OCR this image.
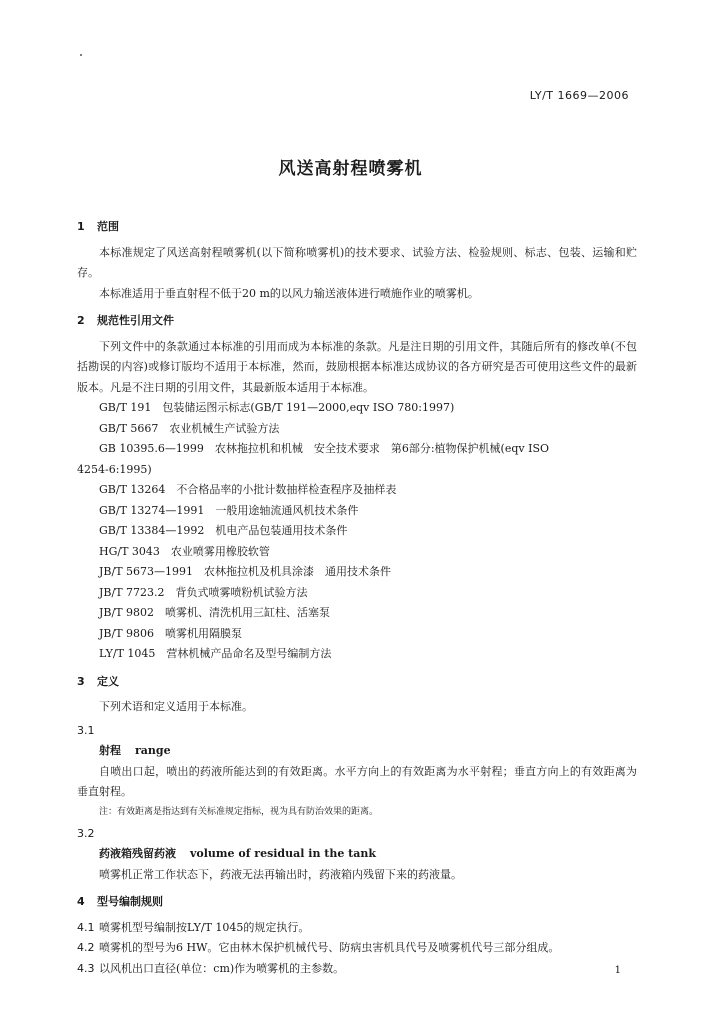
LY/T 1669—2006
风送高射程喷雾机
1 范围
本标准规定了风送高射程喷雾机(以下简称喷雾机)的技术要求、试验方法、检验规则、标志、包装、运输和贮存。
本标准适用于垂直射程不低于20 m的以风力输送液体进行喷施作业的喷雾机。
2 规范性引用文件
下列文件中的条款通过本标准的引用而成为本标准的条款。凡是注日期的引用文件，其随后所有的修改单(不包括勘误的内容)或修订版均不适用于本标准，然而，鼓励根据本标准达成协议的各方研究是否可使用这些文件的最新版本。凡是不注日期的引用文件，其最新版本适用于本标准。
GB/T 191　包装储运图示标志(GB/T 191—2000,eqv ISO 780:1997)
GB/T 5667　农业机械生产试验方法
GB 10395.6—1999　农林拖拉机和机械　安全技术要求　第6部分:植物保护机械(eqv ISO
4254-6:1995)
GB/T 13264　不合格品率的小批计数抽样检查程序及抽样表
GB/T 13274—1991　一般用途轴流通风机技术条件
GB/T 13384—1992　机电产品包装通用技术条件
HG/T 3043　农业喷雾用橡胶软管
JB/T 5673—1991　农林拖拉机及机具涂漆　通用技术条件
JB/T 7723.2　背负式喷雾喷粉机试验方法
JB/T 9802　喷雾机、清洗机用三缸柱、活塞泵
JB/T 9806　喷雾机用隔膜泵
LY/T 1045　营林机械产品命名及型号编制方法
3 定义
下列术语和定义适用于本标准。
3.1
射程 range
自喷出口起，喷出的药液所能达到的有效距离。水平方向上的有效距离为水平射程；垂直方向上的有效距离为垂直射程。
注：有效距离是指达到有关标准规定指标，视为具有防治效果的距离。
3.2
药液箱残留药液 volume of residual in the tank
喷雾机正常工作状态下，药液无法再输出时，药液箱内残留下来的药液量。
4 型号编制规则
4.1 喷雾机型号编制按LY/T 1045的规定执行。
4.2 喷雾机的型号为6 HW。它由林木保护机械代号、防病虫害机具代号及喷雾机代号三部分组成。
4.3 以风机出口直径(单位：cm)作为喷雾机的主参数。	1
